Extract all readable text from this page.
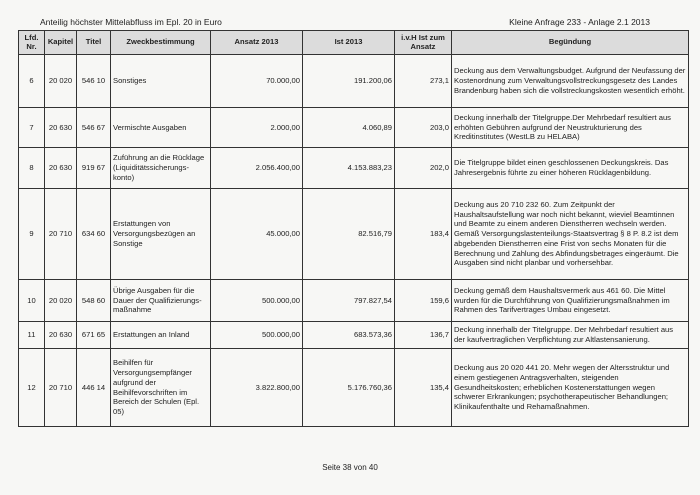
Anteilig höchster Mittelabfluss im Epl. 20 in Euro	Kleine Anfrage 233 - Anlage 2.1 2013
Lfd. Nr.	Kapitel	Titel	Zweckbestimmung	Ansatz 2013	Ist 2013	i.v.H Ist zum Ansatz	Begündung
6	20 020	546 10	Sonstiges	70.000,00	191.200,06	273,1	Deckung aus dem Verwaltungsbudget. Aufgrund der Neufassung der Kostenordnung zum Verwaltungsvollstreckungsgesetz des Landes Brandenburg haben sich die vollstreckungskosten wesentlich erhöht.
7	20 630	546 67	Vermischte Ausgaben	2.000,00	4.060,89	203,0	Deckung innerhalb der Titelgruppe.Der Mehrbedarf resultiert aus erhöhten Gebühren aufgrund der Neustrukturierung des Kreditinstitutes (WestLB zu HELABA)
8	20 630	919 67	Zuführung an die Rücklage (Liquiditätssicherungs-konto)	2.056.400,00	4.153.883,23	202,0	Die Titelgruppe bildet einen geschlossenen Deckungskreis. Das Jahresergebnis führte zu einer höheren Rücklagenbildung.
9	20 710	634 60	Erstattungen von Versorgungsbezügen an Sonstige	45.000,00	82.516,79	183,4	Deckung aus 20 710 232 60. Zum Zeitpunkt der Haushaltsaufstellung war noch nicht bekannt, wieviel Beamtinnen und Beamte zu einem anderen Dienstherren wechseln werden. Gemäß Versorgungslastenteilungs-Staatsvertrag § 8 P. 8.2 ist dem abgebenden Dienstherren eine Frist von sechs Monaten für die Berechnung und Zahlung des Abfindungsbetrages eingeräumt. Die Ausgaben sind nicht planbar und vorhersehbar.
10	20 020	548 60	Übrige Ausgaben für die Dauer der Qualifizierungs-maßnahme	500.000,00	797.827,54	159,6	Deckung gemäß dem Haushaltsvermerk aus 461 60. Die Mittel wurden für die Durchführung von Qualifizierungsmaßnahmen im Rahmen des Tarifvertrages Umbau eingesetzt.
11	20 630	671 65	Erstattungen an Inland	500.000,00	683.573,36	136,7	Deckung innerhalb der Titelgruppe. Der Mehrbedarf resultiert aus der kaufvertraglichen Verpflichtung zur Altlastensanierung.
12	20 710	446 14	Beihilfen für Versorgungsempfänger aufgrund der Beihilfevorschriften im Bereich der Schulen (Epl. 05)	3.822.800,00	5.176.760,36	135,4	Deckung aus 20 020 441 20. Mehr wegen der Altersstruktur und einem gestiegenen Antragsverhalten, steigenden Gesundheitskosten; erheblichen Kostenerstattungen wegen schwerer Erkrankungen; psychotherapeutischer Behandlungen; Klinikaufenthalte und Rehamaßnahmen.
Seite 38 von 40
